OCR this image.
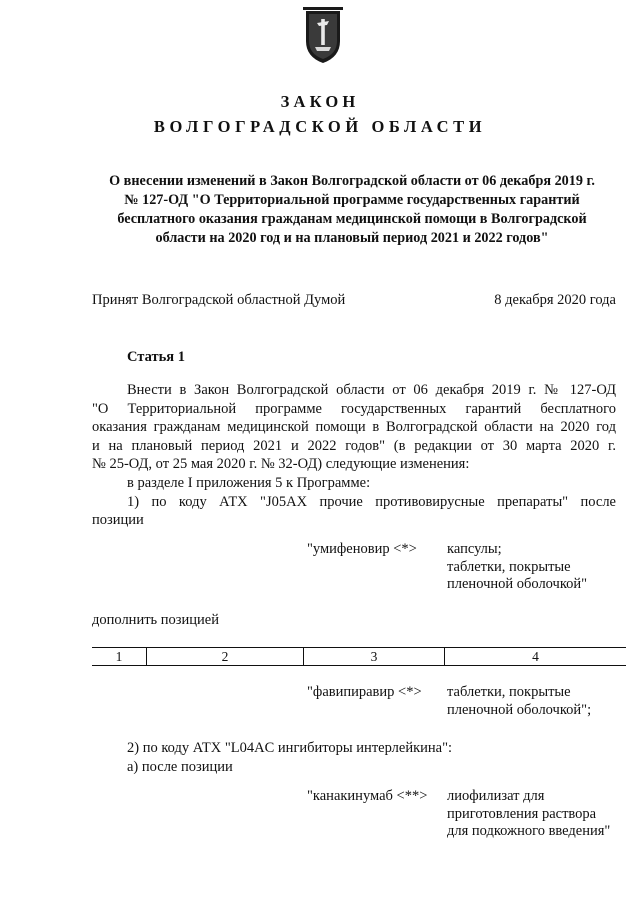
ЗАКОН
ВОЛГОГРАДСКОЙ ОБЛАСТИ
О внесении изменений в Закон Волгоградской области от 06 декабря 2019 г.
№ 127-ОД "О Территориальной программе государственных гарантий
бесплатного оказания гражданам медицинской помощи в Волгоградской
области на 2020 год и на плановый период 2021 и 2022 годов"
Принят Волгоградской областной Думой	8 декабря 2020 года
Статья 1
Внести в Закон Волгоградской области от 06 декабря 2019 г. № 127-ОД
"О Территориальной программе государственных гарантий бесплатного
оказания гражданам медицинской помощи в Волгоградской области на 2020 год
и на плановый период 2021 и 2022 годов" (в редакции от 30 марта 2020 г.
№ 25-ОД, от 25 мая 2020 г. № 32-ОД) следующие изменения:
в разделе I приложения 5 к Программе:
1) по коду АТХ "J05AX прочие противовирусные препараты" после
позиции
"умифеновир <*> капсулы;
таблетки, покрытые
пленочной оболочкой"
дополнить позицией
1	2	3	4
"фавипиравир <*> таблетки, покрытые
пленочной оболочкой";
2) по коду АТХ "L04AC ингибиторы интерлейкина":
а) после позиции
"канакинумаб <**> лиофилизат для
приготовления раствора
для подкожного введения"
